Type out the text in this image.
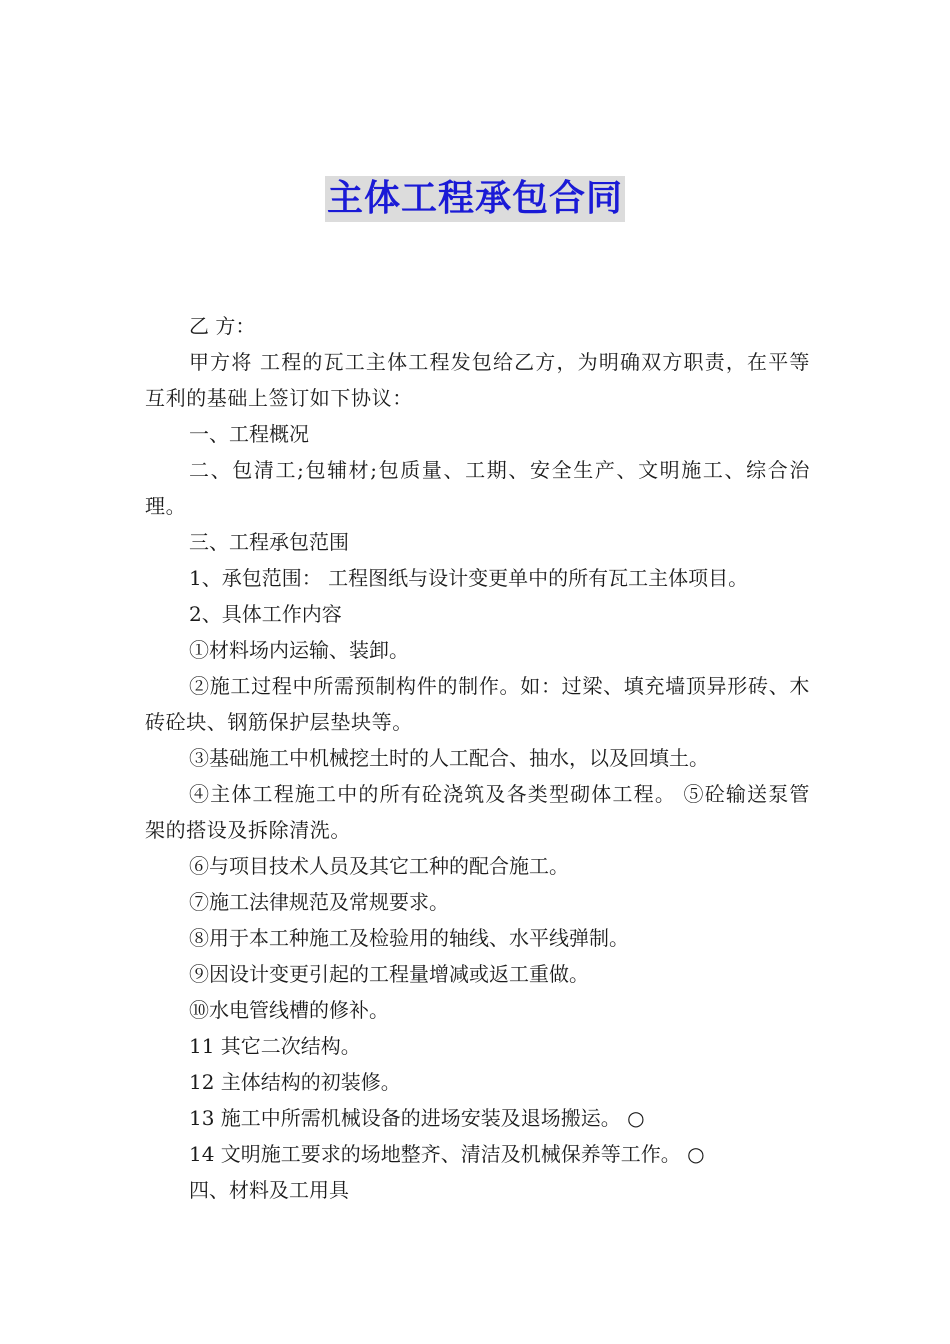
主体工程承包合同

乙 方：

甲方将 工程的瓦工主体工程发包给乙方，为明确双方职责，在平等互利的基础上签订如下协议：

一、工程概况

二、包清工;包辅材;包质量、工期、安全生产、文明施工、综合治理。

三、工程承包范围

1、承包范围： 工程图纸与设计变更单中的所有瓦工主体项目。

2、具体工作内容

①材料场内运输、装卸。

②施工过程中所需预制构件的制作。如：过梁、填充墙顶异形砖、木砖砼块、钢筋保护层垫块等。

③基础施工中机械挖土时的人工配合、抽水，以及回填土。

④主体工程施工中的所有砼浇筑及各类型砌体工程。 ⑤砼输送泵管架的搭设及拆除清洗。

⑥与项目技术人员及其它工种的配合施工。

⑦施工法律规范及常规要求。

⑧用于本工种施工及检验用的轴线、水平线弹制。

⑨因设计变更引起的工程量增减或返工重做。

⑩水电管线槽的修补。

11 其它二次结构。

12 主体结构的初装修。

13 施工中所需机械设备的进场安装及退场搬运。 ○

14 文明施工要求的场地整齐、清洁及机械保养等工作。 ○

四、材料及工用具
